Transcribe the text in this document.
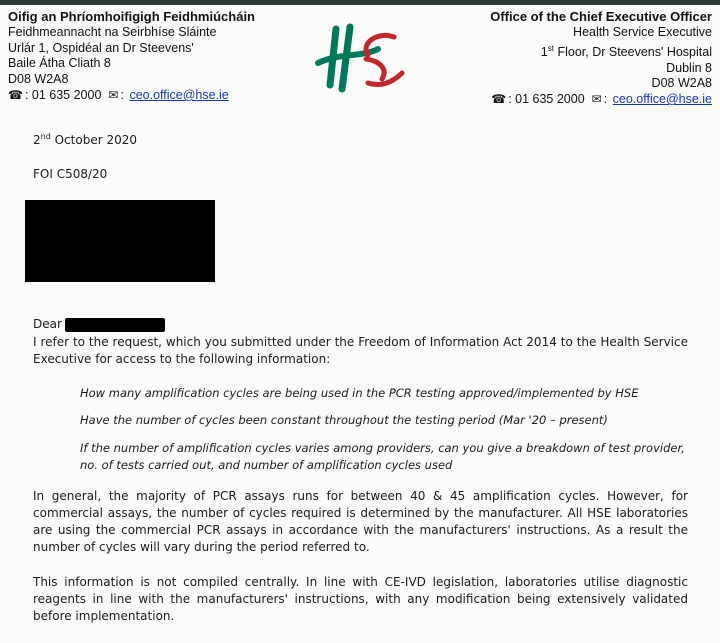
Oifig an Phríomhoifigigh Feidhmiúcháin
Feidhmeannacht na Seirbhíse Sláinte
Urlár 1, Ospidéal an Dr Steevens'
Baile Átha Cliath 8
D08 W2A8
☎ : 01 635 2000 ✉ : ceo.office@hse.ie
Office of the Chief Executive Officer
Health Service Executive
1st Floor, Dr Steevens' Hospital
Dublin 8
D08 W2A8
☎ : 01 635 2000 ✉ : ceo.office@hse.ie
2nd October 2020
FOI C508/20
Dear
I refer to the request, which you submitted under the Freedom of Information Act 2014 to the Health Service Executive for access to the following information:
How many amplification cycles are being used in the PCR testing approved/implemented by HSE
Have the number of cycles been constant throughout the testing period (Mar '20 – present)
If the number of amplification cycles varies among providers, can you give a breakdown of test provider, no. of tests carried out, and number of amplification cycles used
In general, the majority of PCR assays runs for between 40 & 45 amplification cycles. However, for commercial assays, the number of cycles required is determined by the manufacturer. All HSE laboratories are using the commercial PCR assays in accordance with the manufacturers' instructions. As a result the number of cycles will vary during the period referred to.
This information is not compiled centrally. In line with CE-IVD legislation, laboratories utilise diagnostic reagents in line with the manufacturers' instructions, with any modification being extensively validated before implementation.
